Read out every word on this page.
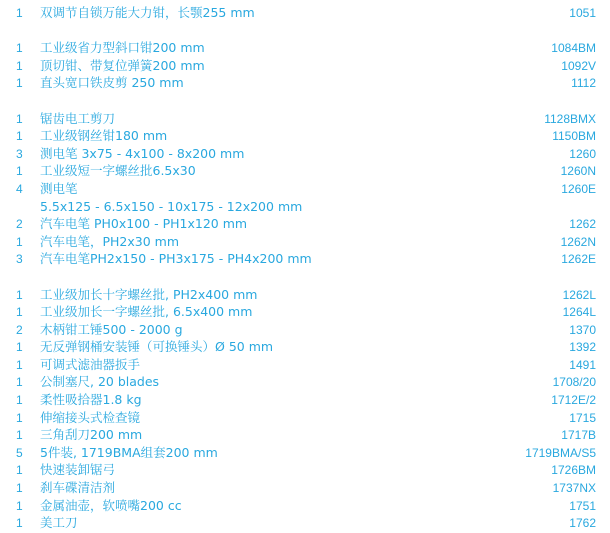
1	双调节自锁万能大力钳，长颚255 mm	1051
1	工业级省力型斜口钳200 mm	1084BM
1	顶切钳、带复位弹簧200 mm	1092V
1	直头宽口铁皮剪 250 mm	1112
1	锯齿电工剪刀	1128BMX
1	工业级钢丝钳180 mm	1150BM
3	测电笔 3x75 - 4x100 - 8x200 mm	1260
1	工业级短一字螺丝批6.5x30	1260N
4	测电笔	1260E
5.5x125 - 6.5x150 - 10x175 - 12x200 mm
2	汽车电笔 PH0x100 - PH1x120 mm	1262
1	汽车电笔，PH2x30 mm	1262N
3	汽车电笔PH2x150 - PH3x175 - PH4x200 mm	1262E
1	工业级加长十字螺丝批, PH2x400 mm	1262L
1	工业级加长一字螺丝批, 6.5x400 mm	1264L
2	木柄钳工锤500 - 2000 g	1370
1	无反弹钢桶安装锤（可换锤头）Ø 50 mm	1392
1	可调式滤油器扳手	1491
1	公制塞尺, 20 blades	1708/20
1	柔性吸拾器1.8 kg	1712E/2
1	伸缩接头式检查镜	1715
1	三角刮刀200 mm	1717B
5	5件装, 1719BMA组套200 mm	1719BMA/S5
1	快速装卸锯弓	1726BM
1	刹车碟清洁剂	1737NX
1	金属油壶，软喷嘴200 cc	1751
1	美工刀	1762
